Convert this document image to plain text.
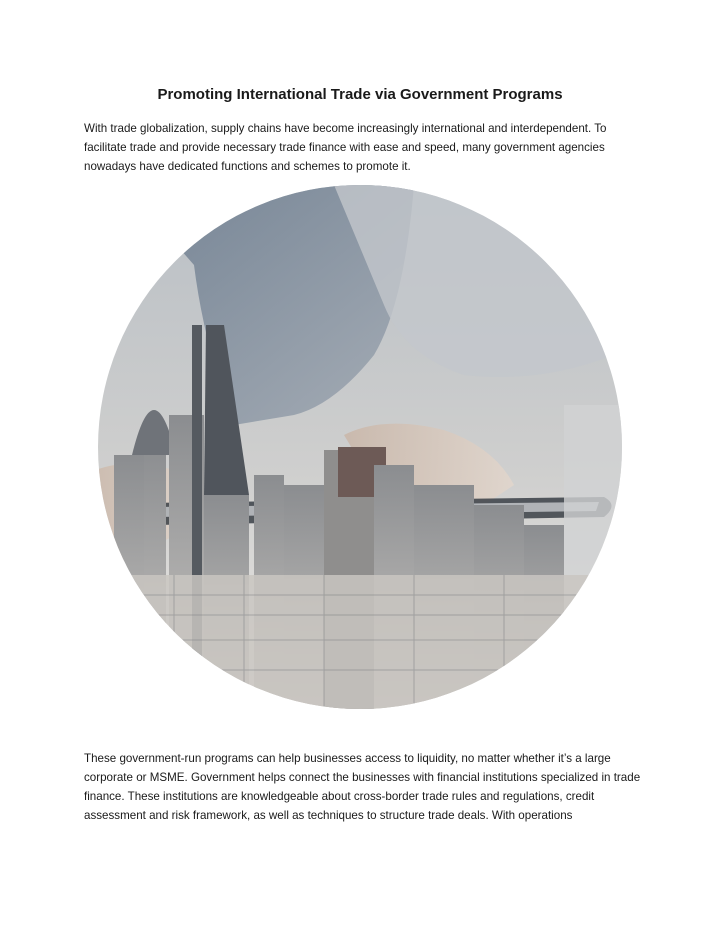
Promoting International Trade via Government Programs
With trade globalization, supply chains have become increasingly international and interdependent. To facilitate trade and provide necessary trade finance with ease and speed, many government agencies nowadays have dedicated functions and schemes to promote it.
These government-run programs can help businesses access to liquidity, no matter whether it’s a large corporate or MSME. Government helps connect the businesses with financial institutions specialized in trade finance. These institutions are knowledgeable about cross-border trade rules and regulations, credit assessment and risk framework, as well as techniques to structure trade deals. With operations
